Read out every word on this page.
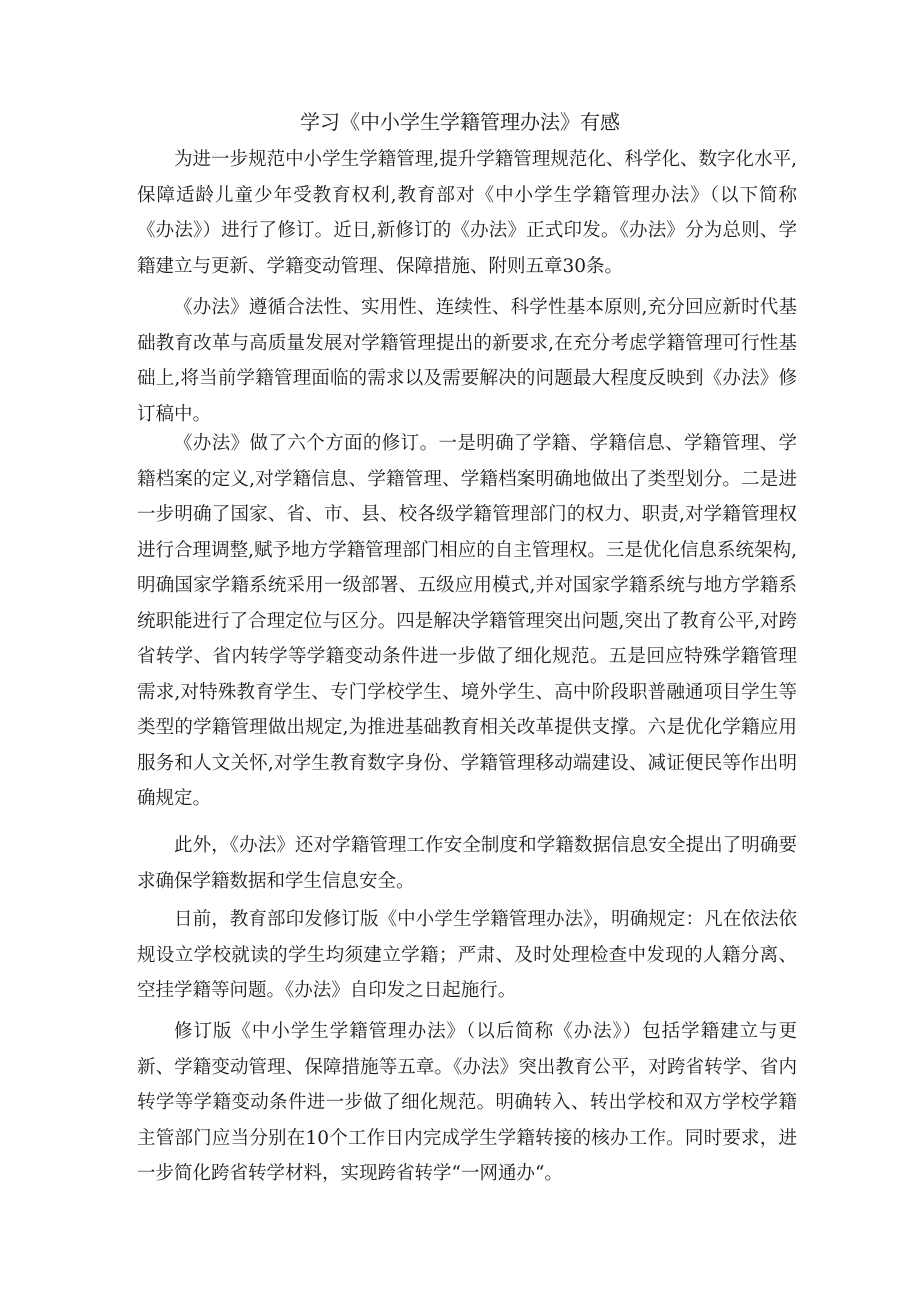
学习《中小学生学籍管理办法》有感

为进一步规范中小学生学籍管理,提升学籍管理规范化、科学化、数字化水平,保障适龄儿童少年受教育权利,教育部对《中小学生学籍管理办法》（以下简称《办法》）进行了修订。近日,新修订的《办法》正式印发。《办法》分为总则、学籍建立与更新、学籍变动管理、保障措施、附则五章30条。

《办法》遵循合法性、实用性、连续性、科学性基本原则,充分回应新时代基础教育改革与高质量发展对学籍管理提出的新要求,在充分考虑学籍管理可行性基础上,将当前学籍管理面临的需求以及需要解决的问题最大程度反映到《办法》修订稿中。

《办法》做了六个方面的修订。一是明确了学籍、学籍信息、学籍管理、学籍档案的定义,对学籍信息、学籍管理、学籍档案明确地做出了类型划分。二是进一步明确了国家、省、市、县、校各级学籍管理部门的权力、职责,对学籍管理权进行合理调整,赋予地方学籍管理部门相应的自主管理权。三是优化信息系统架构,明确国家学籍系统采用一级部署、五级应用模式,并对国家学籍系统与地方学籍系统职能进行了合理定位与区分。四是解决学籍管理突出问题,突出了教育公平,对跨省转学、省内转学等学籍变动条件进一步做了细化规范。五是回应特殊学籍管理需求,对特殊教育学生、专门学校学生、境外学生、高中阶段职普融通项目学生等类型的学籍管理做出规定,为推进基础教育相关改革提供支撑。六是优化学籍应用服务和人文关怀,对学生教育数字身份、学籍管理移动端建设、减证便民等作出明确规定。

此外，《办法》还对学籍管理工作安全制度和学籍数据信息安全提出了明确要求确保学籍数据和学生信息安全。

日前，教育部印发修订版《中小学生学籍管理办法》，明确规定：凡在依法依规设立学校就读的学生均须建立学籍；严肃、及时处理检查中发现的人籍分离、空挂学籍等问题。《办法》自印发之日起施行。

修订版《中小学生学籍管理办法》（以后简称《办法》）包括学籍建立与更新、学籍变动管理、保障措施等五章。《办法》突出教育公平，对跨省转学、省内转学等学籍变动条件进一步做了细化规范。明确转入、转出学校和双方学校学籍主管部门应当分别在10个工作日内完成学生学籍转接的核办工作。同时要求，进一步简化跨省转学材料，实现跨省转学“一网通办“。
